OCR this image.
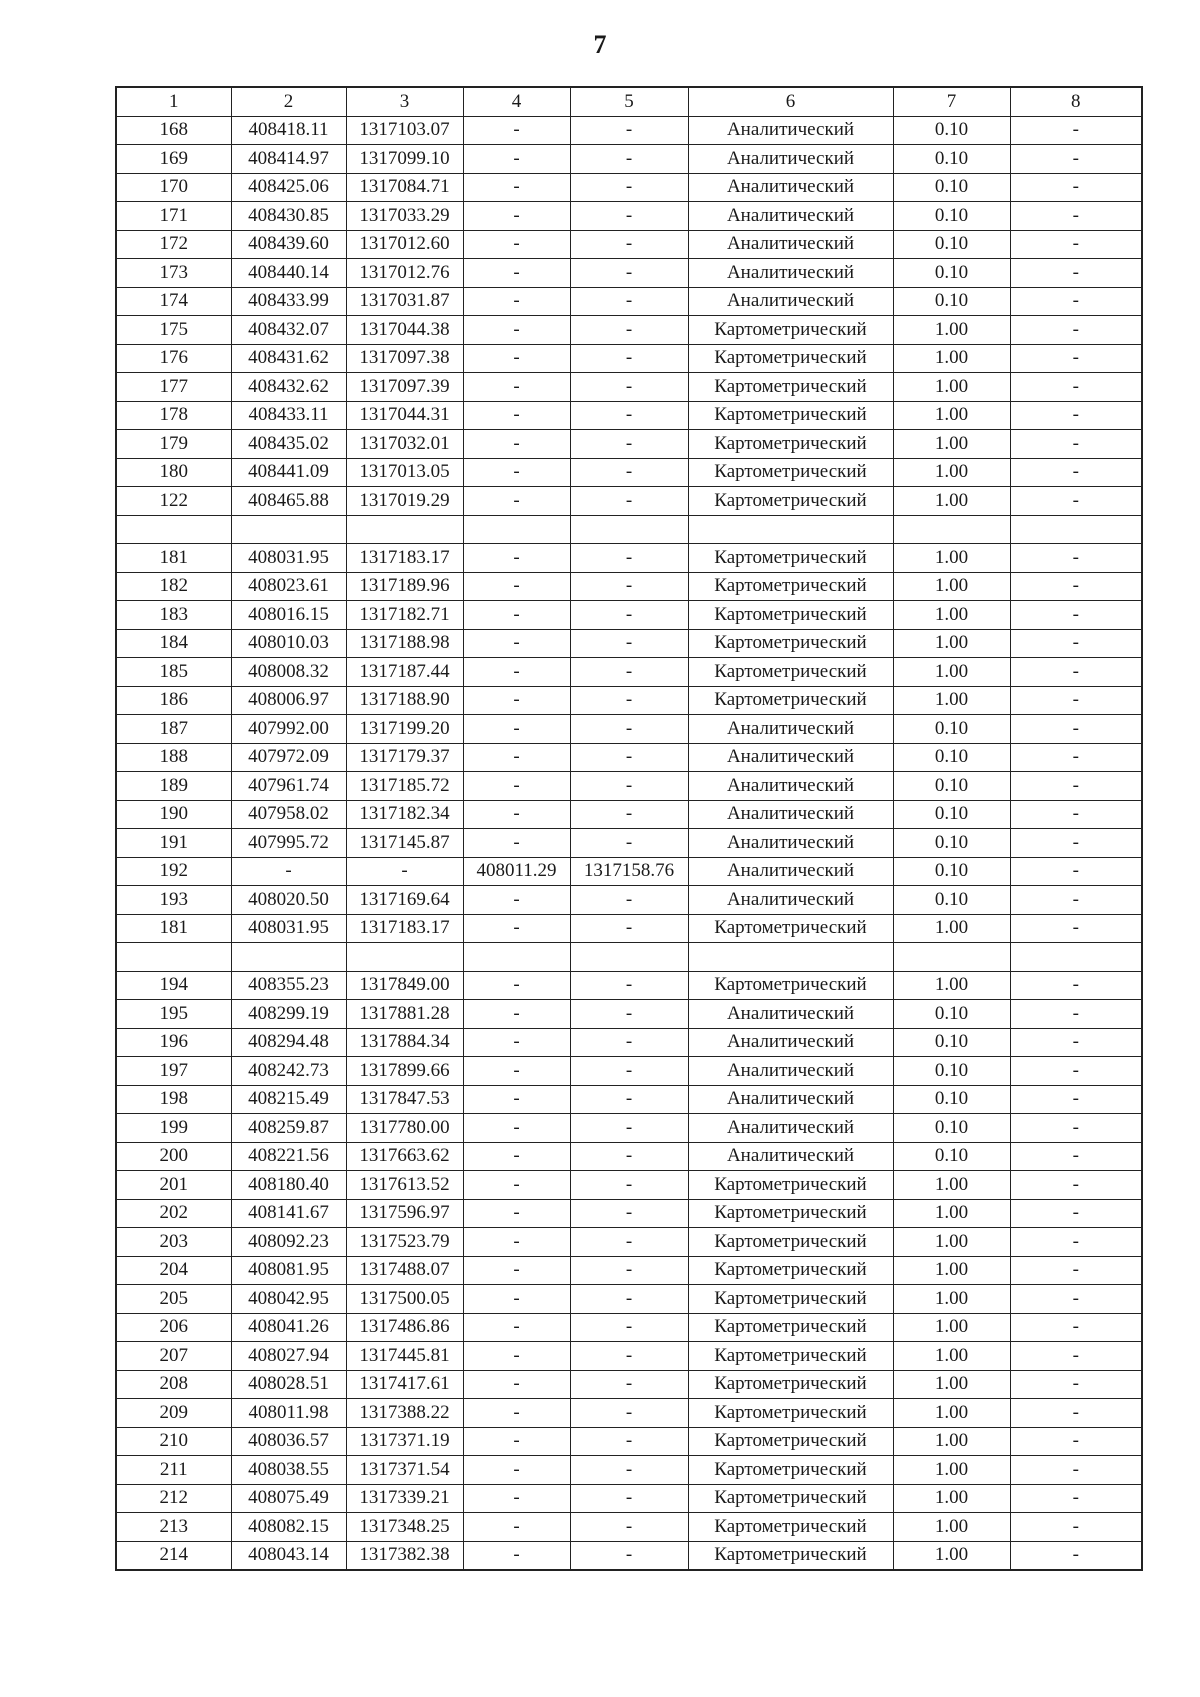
7
1	2	3	4	5	6	7	8
168	408418.11	1317103.07	-	-	Аналитический	0.10	-
169	408414.97	1317099.10	-	-	Аналитический	0.10	-
170	408425.06	1317084.71	-	-	Аналитический	0.10	-
171	408430.85	1317033.29	-	-	Аналитический	0.10	-
172	408439.60	1317012.60	-	-	Аналитический	0.10	-
173	408440.14	1317012.76	-	-	Аналитический	0.10	-
174	408433.99	1317031.87	-	-	Аналитический	0.10	-
175	408432.07	1317044.38	-	-	Картометрический	1.00	-
176	408431.62	1317097.38	-	-	Картометрический	1.00	-
177	408432.62	1317097.39	-	-	Картометрический	1.00	-
178	408433.11	1317044.31	-	-	Картометрический	1.00	-
179	408435.02	1317032.01	-	-	Картометрический	1.00	-
180	408441.09	1317013.05	-	-	Картометрический	1.00	-
122	408465.88	1317019.29	-	-	Картометрический	1.00	-

181	408031.95	1317183.17	-	-	Картометрический	1.00	-
182	408023.61	1317189.96	-	-	Картометрический	1.00	-
183	408016.15	1317182.71	-	-	Картометрический	1.00	-
184	408010.03	1317188.98	-	-	Картометрический	1.00	-
185	408008.32	1317187.44	-	-	Картометрический	1.00	-
186	408006.97	1317188.90	-	-	Картометрический	1.00	-
187	407992.00	1317199.20	-	-	Аналитический	0.10	-
188	407972.09	1317179.37	-	-	Аналитический	0.10	-
189	407961.74	1317185.72	-	-	Аналитический	0.10	-
190	407958.02	1317182.34	-	-	Аналитический	0.10	-
191	407995.72	1317145.87	-	-	Аналитический	0.10	-
192	-	-	408011.29	1317158.76	Аналитический	0.10	-
193	408020.50	1317169.64	-	-	Аналитический	0.10	-
181	408031.95	1317183.17	-	-	Картометрический	1.00	-

194	408355.23	1317849.00	-	-	Картометрический	1.00	-
195	408299.19	1317881.28	-	-	Аналитический	0.10	-
196	408294.48	1317884.34	-	-	Аналитический	0.10	-
197	408242.73	1317899.66	-	-	Аналитический	0.10	-
198	408215.49	1317847.53	-	-	Аналитический	0.10	-
199	408259.87	1317780.00	-	-	Аналитический	0.10	-
200	408221.56	1317663.62	-	-	Аналитический	0.10	-
201	408180.40	1317613.52	-	-	Картометрический	1.00	-
202	408141.67	1317596.97	-	-	Картометрический	1.00	-
203	408092.23	1317523.79	-	-	Картометрический	1.00	-
204	408081.95	1317488.07	-	-	Картометрический	1.00	-
205	408042.95	1317500.05	-	-	Картометрический	1.00	-
206	408041.26	1317486.86	-	-	Картометрический	1.00	-
207	408027.94	1317445.81	-	-	Картометрический	1.00	-
208	408028.51	1317417.61	-	-	Картометрический	1.00	-
209	408011.98	1317388.22	-	-	Картометрический	1.00	-
210	408036.57	1317371.19	-	-	Картометрический	1.00	-
211	408038.55	1317371.54	-	-	Картометрический	1.00	-
212	408075.49	1317339.21	-	-	Картометрический	1.00	-
213	408082.15	1317348.25	-	-	Картометрический	1.00	-
214	408043.14	1317382.38	-	-	Картометрический	1.00	-
